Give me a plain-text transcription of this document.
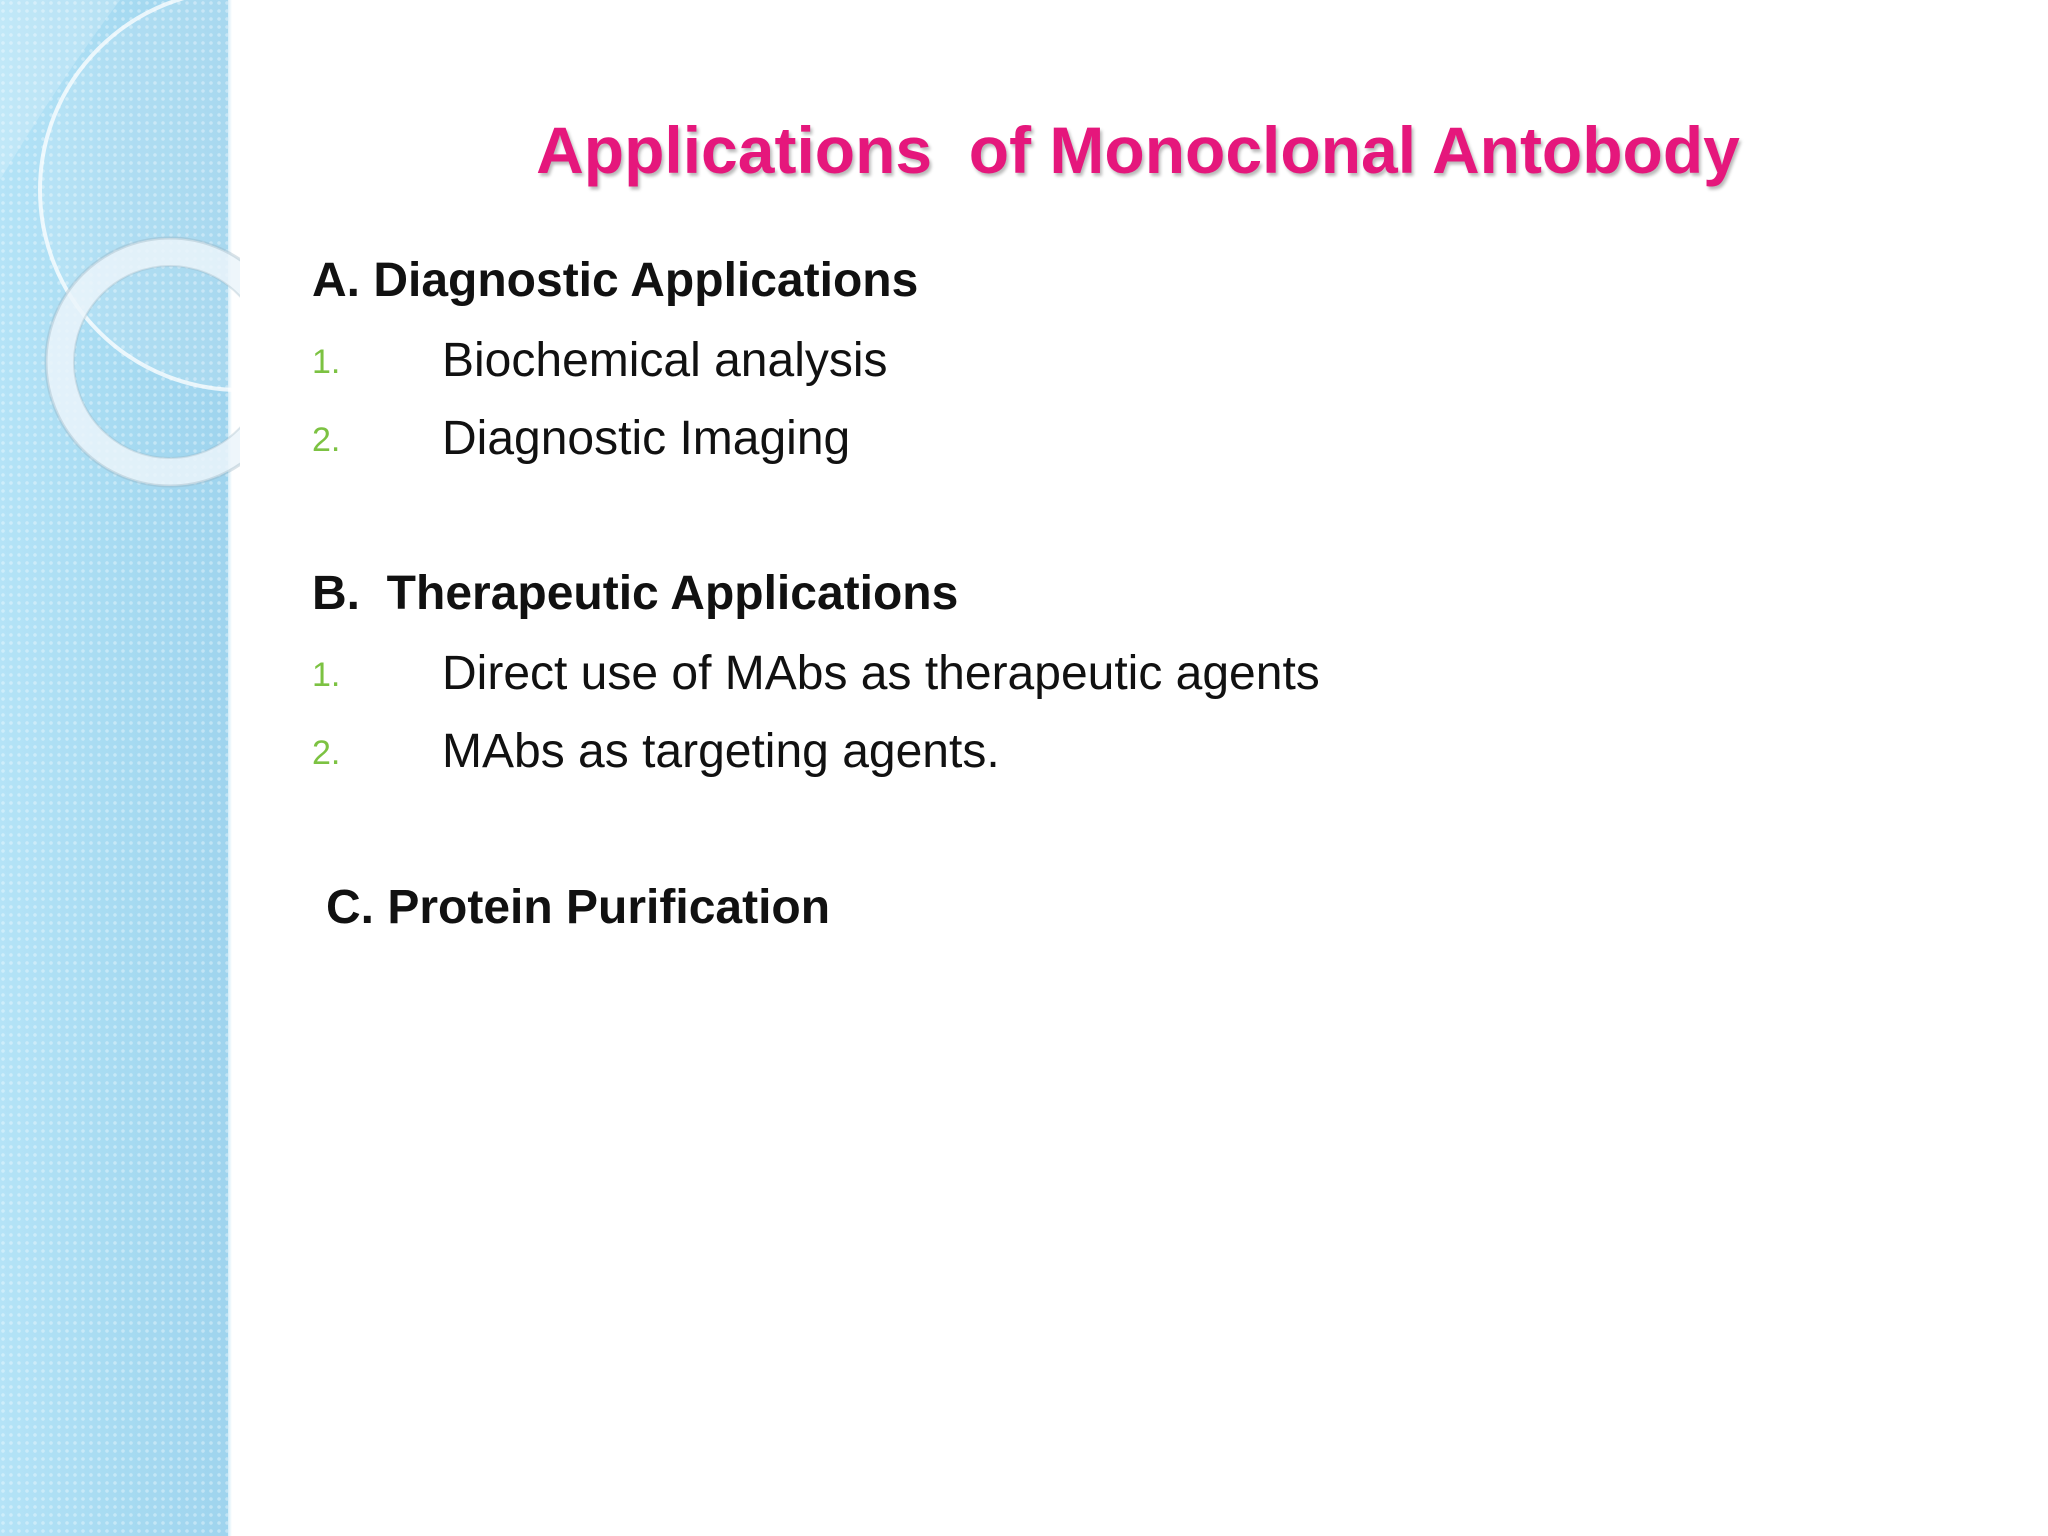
Applications  of Monoclonal Antobody
A. Diagnostic Applications

1.

Biochemical analysis

2.

Diagnostic Imaging

B.  Therapeutic Applications

1.

Direct use of MAbs as therapeutic agents

2.

MAbs as targeting agents.

C. Protein Purification
